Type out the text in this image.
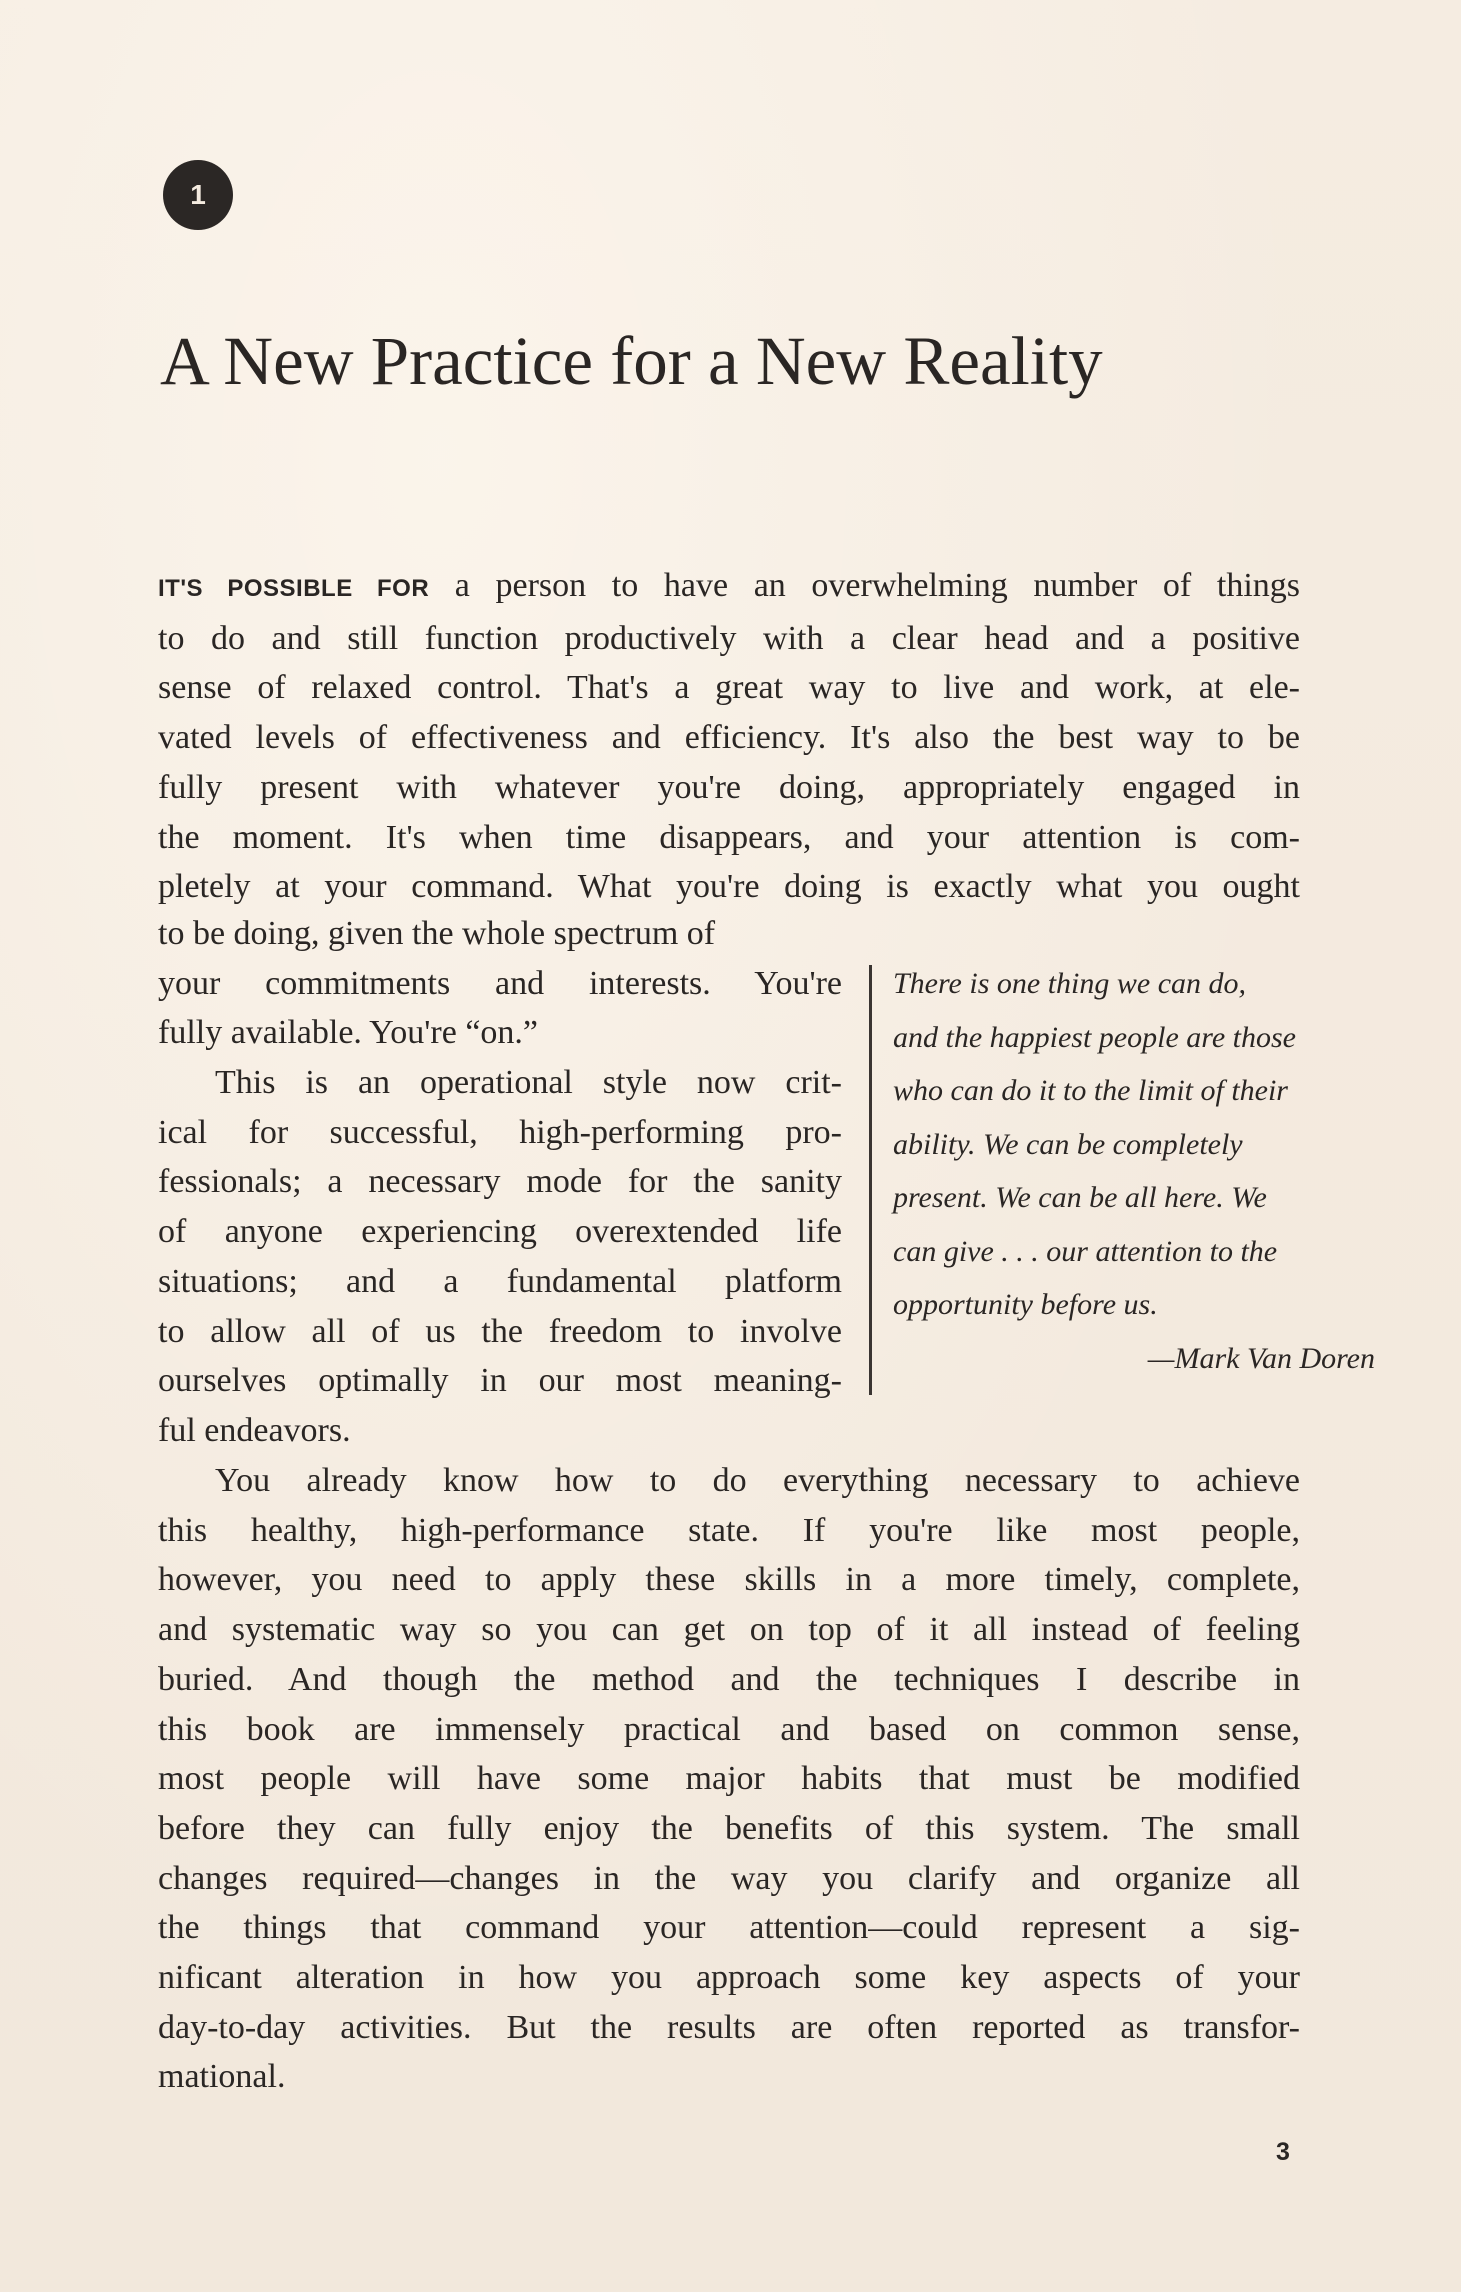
1
A New Practice for a New Reality
IT'S POSSIBLE FOR a person to have an overwhelming number of things
to do and still function productively with a clear head and a positive
sense of relaxed control. That's a great way to live and work, at ele-
vated levels of effectiveness and efficiency. It's also the best way to be
fully present with whatever you're doing, appropriately engaged in
the moment. It's when time disappears, and your attention is com-
pletely at your command. What you're doing is exactly what you ought
to be doing, given the whole spectrum of
your commitments and interests. You're
fully available. You're “on.”
This is an operational style now crit-
ical for successful, high-performing pro-
fessionals; a necessary mode for the sanity
of anyone experiencing overextended life
situations; and a fundamental platform
to allow all of us the freedom to involve
ourselves optimally in our most meaning-
ful endeavors.
There is one thing we can do,
and the happiest people are those
who can do it to the limit of their
ability. We can be completely
present. We can be all here. We
can give . . . our attention to the
opportunity before us.
—Mark Van Doren
You already know how to do everything necessary to achieve
this healthy, high-performance state. If you're like most people,
however, you need to apply these skills in a more timely, complete,
and systematic way so you can get on top of it all instead of feeling
buried. And though the method and the techniques I describe in
this book are immensely practical and based on common sense,
most people will have some major habits that must be modified
before they can fully enjoy the benefits of this system. The small
changes required—changes in the way you clarify and organize all
the things that command your attention—could represent a sig-
nificant alteration in how you approach some key aspects of your
day-to-day activities. But the results are often reported as transfor-
mational.
3
